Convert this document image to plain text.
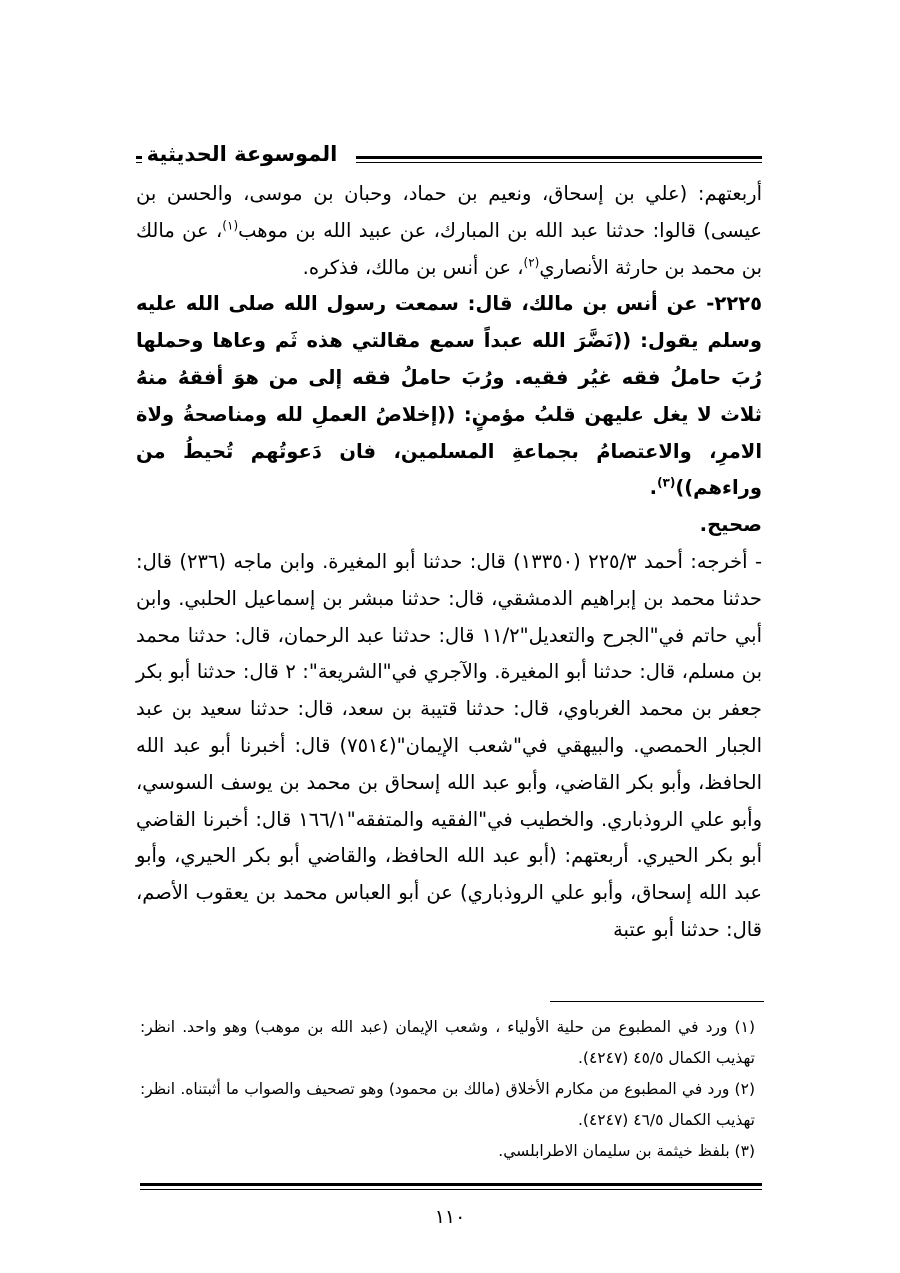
الموسوعة الحديثية

أربعتهم: (علي بن إسحاق، ونعيم بن حماد، وحبان بن موسى، والحسن بن عيسى) قالوا: حدثنا عبد الله بن المبارك، عن عبيد الله بن موهب$^{(١)}$، عن مالك بن محمد بن حارثة الأنصاري$^{(٢)}$، عن أنس بن مالك، فذكره.

٢٢٢٥- عن أنس بن مالك، قال: سمعت رسول الله صلى الله عليه وسلم يقول: ((نَضَّرَ الله عبداً سمع مقالتي هذه ثَم وعاها وحملها رُبَ حاملُ فقه غيُر فقيه. ورُبَ حاملُ فقه إلى من هوَ أفقهُ منهُ ثلاث لا يغل عليهن قلبُ مؤمنٍ: ((إخلاصُ العملِ لله ومناصحةُ ولاة الامرِ، والاعتصامُ بجماعةِ المسلمين، فان دَعوتُهم تُحيطُ من وراءهم))$^{(٣)}$.

صحيح.

- أخرجه: أحمد ٢٢٥/٣ (١٣٣٥٠) قال: حدثنا أبو المغيرة. وابن ماجه (٢٣٦) قال: حدثنا محمد بن إبراهيم الدمشقي، قال: حدثنا مبشر بن إسماعيل الحلبي. وابن أبي حاتم في"الجرح والتعديل"١١/٢ قال: حدثنا عبد الرحمان، قال: حدثنا محمد بن مسلم، قال: حدثنا أبو المغيرة. والآجري في"الشريعة": ٢ قال: حدثنا أبو بكر جعفر بن محمد الغرباوي، قال: حدثنا قتيبة بن سعد، قال: حدثنا سعيد بن عبد الجبار الحمصي. والبيهقي في"شعب الإيمان"(٧٥١٤) قال: أخبرنا أبو عبد الله الحافظ، وأبو بكر القاضي، وأبو عبد الله إسحاق بن محمد بن يوسف السوسي، وأبو علي الروذباري. والخطيب في"الفقيه والمتفقه"١٦٦/١ قال: أخبرنا القاضي أبو بكر الحيري. أربعتهم: (أبو عبد الله الحافظ، والقاضي أبو بكر الحيري، وأبو عبد الله إسحاق، وأبو علي الروذباري) عن أبو العباس محمد بن يعقوب الأصم، قال: حدثنا أبو عتبة

(١) ورد في المطبوع من حلية الأولياء ، وشعب الإيمان (عبد الله بن موهب) وهو واحد. انظر: تهذيب الكمال ٤٥/٥ (٤٢٤٧).

(٢) ورد في المطبوع من مكارم الأخلاق (مالك بن محمود) وهو تصحيف والصواب ما أثبتناه. انظر: تهذيب الكمال ٤٦/٥ (٤٢٤٧).

(٣) بلفظ خيثمة بن سليمان الاطرابلسي.

١١٠
